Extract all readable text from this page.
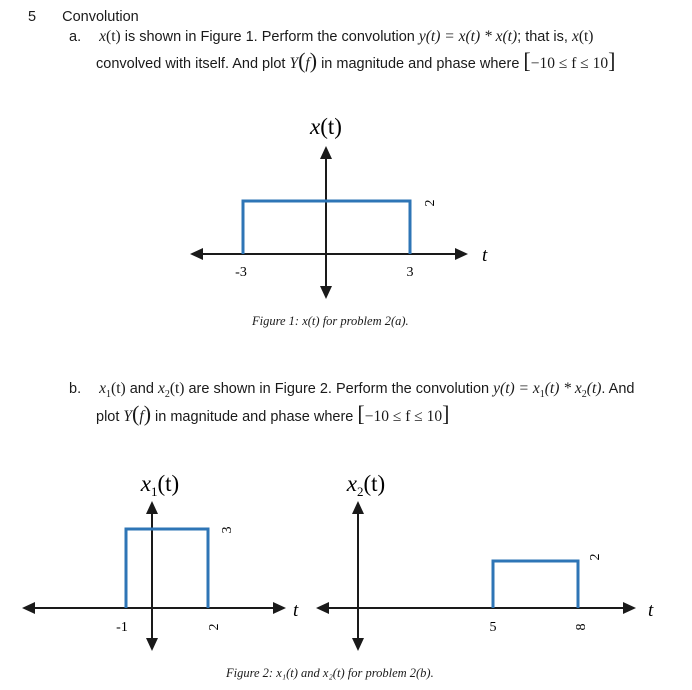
5 Convolution
a. x(t) is shown in Figure 1. Perform the convolution y(t) = x(t) * x(t); that is, x(t)
convolved with itself. And plot Y(f) in magnitude and phase where [−10 ≤ f ≤ 10]
x(t)
t
-3	3
2
Figure 1: x(t) for problem 2(a).
b. $x_1(t)$ and $x_2(t)$ are shown in Figure 2. Perform the convolution $y(t) = x_1(t) * x_2(t)$. And
plot Y(f) in magnitude and phase where [−10 ≤ f ≤ 10]
$x_1(t)$
t
-1	2
3
$x_2(t)$
t
5	8
2
Figure 2: x₁(t) and x₂(t) for problem 2(b).
